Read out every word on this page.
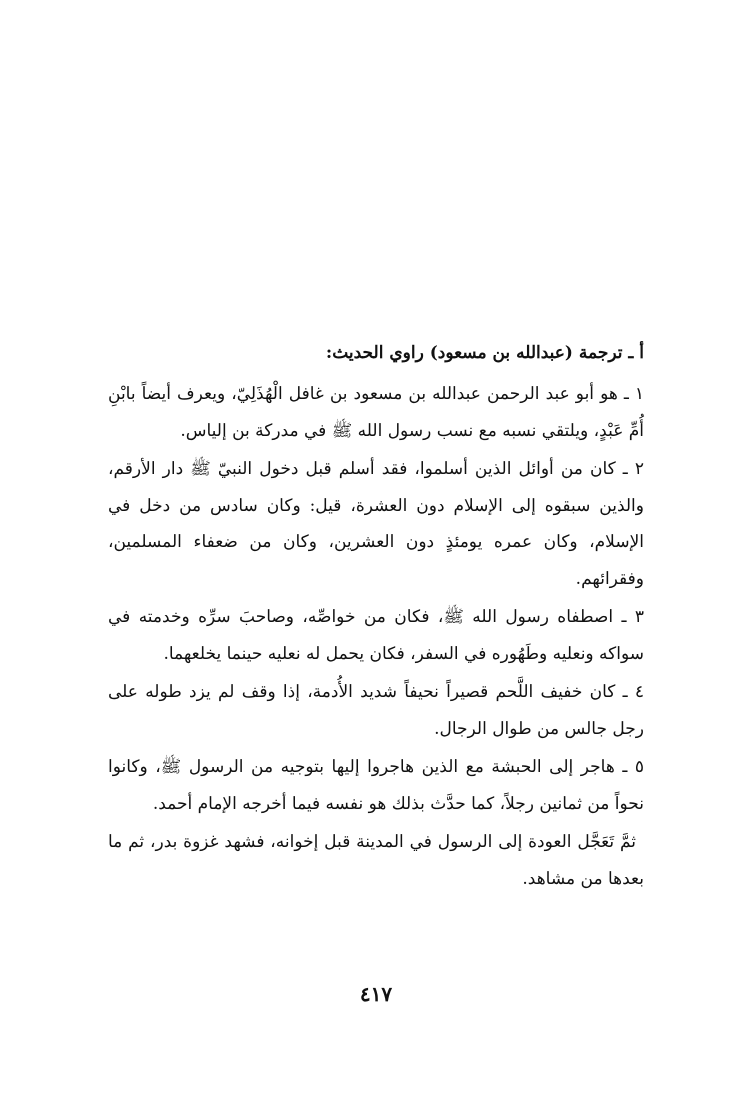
أ ـ ترجمة (عبدالله بن مسعود) راوي الحديث:

١ ـ هو أبو عبد الرحمن عبدالله بن مسعود بن غافل الْهُذَلِيّ، ويعرف أيضاً بابْنِ أُمِّ عَبْدٍ، ويلتقي نسبه مع نسب رسول الله ﷺ في مدركة بن إلياس.

٢ ـ كان من أوائل الذين أسلموا، فقد أسلم قبل دخول النبيّ ﷺ دار الأرقم، والذين سبقوه إلى الإسلام دون العشرة، قيل: وكان سادس من دخل في الإسلام، وكان عمره يومئذٍ دون العشرين، وكان من ضعفاء المسلمين، وفقرائهم.

٣ ـ اصطفاه رسول الله ﷺ، فكان من خواصِّه، وصاحبَ سرِّه وخدمته في سواكه ونعليه وطَهُوره في السفر، فكان يحمل له نعليه حينما يخلعهما.

٤ ـ كان خفيف اللَّحم قصيراً نحيفاً شديد الأُدمة، إذا وقف لم يزد طوله على رجل جالس من طوال الرجال.

٥ ـ هاجر إلى الحبشة مع الذين هاجروا إليها بتوجيه من الرسول ﷺ، وكانوا نحواً من ثمانين رجلاً، كما حدَّث بذلك هو نفسه فيما أخرجه الإمام أحمد.

ثمَّ تَعَجَّل العودة إلى الرسول في المدينة قبل إخوانه، فشهد غزوة بدر، ثم ما بعدها من مشاهد.

٤١٧
